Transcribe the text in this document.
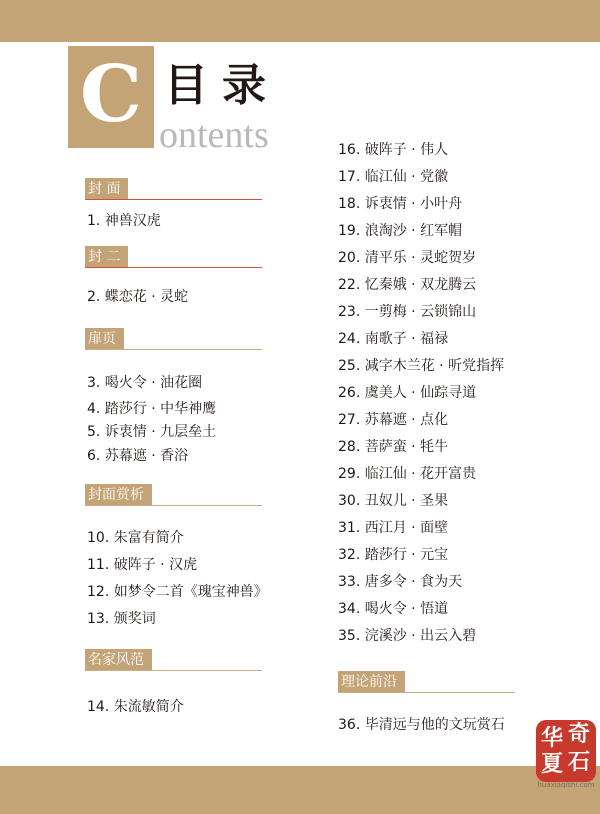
C 目录
ontents
封 面
1. 神兽汉虎
封 二
2. 蝶恋花 · 灵蛇
扉页
3. 喝火令 · 油花圈
4. 踏莎行 · 中华神鹰
5. 诉衷情 · 九层垒土
6. 苏幕遮 · 香浴
封面赏析
10. 朱富有简介
11. 破阵子 · 汉虎
12. 如梦令二首《瑰宝神兽》
13. 颁奖词
名家风范
14. 朱流敏简介
16. 破阵子 · 伟人
17. 临江仙 · 党徽
18. 诉衷情 · 小叶舟
19. 浪淘沙 · 红军帽
20. 清平乐 · 灵蛇贺岁
22. 忆秦娥 · 双龙腾云
23. 一剪梅 · 云锁锦山
24. 南歌子 · 福禄
25. 减字木兰花 · 听党指挥
26. 虞美人 · 仙踪寻道
27. 苏幕遮 · 点化
28. 菩萨蛮 · 牦牛
29. 临江仙 · 花开富贵
30. 丑奴儿 · 圣果
31. 西江月 · 面壁
32. 踏莎行 · 元宝
33. 唐多令 · 食为天
34. 喝火令 · 悟道
35. 浣溪沙 · 出云入碧
理论前沿
36. 毕清远与他的文玩赏石 华 奇
夏 石
huaxiaqishi.com
